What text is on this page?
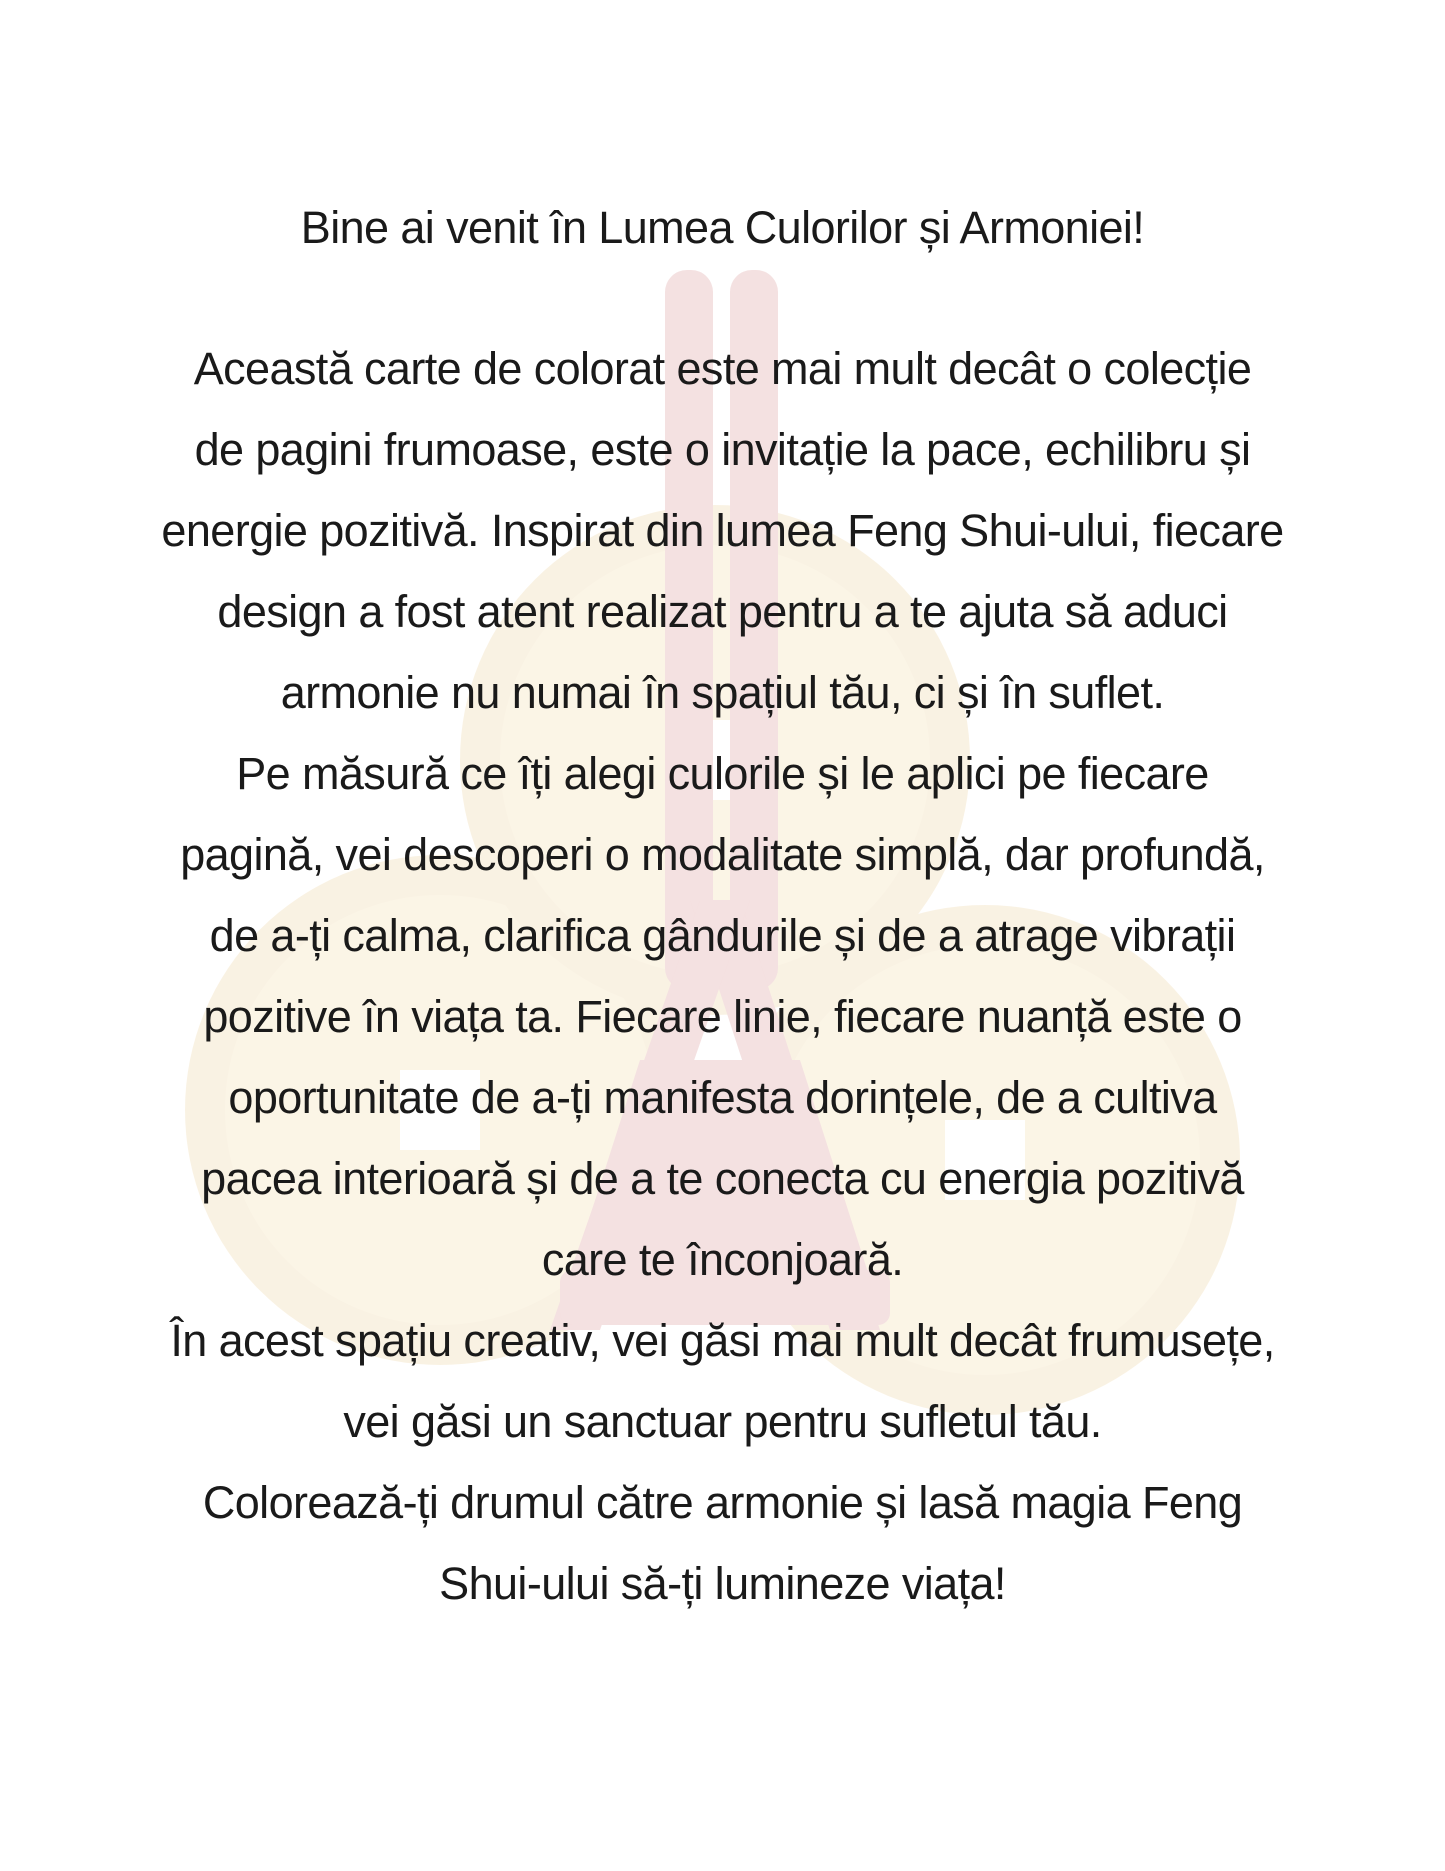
Bine ai venit în Lumea Culorilor și Armoniei!

Această carte de colorat este mai mult decât o colecție

de pagini frumoase, este o invitație la pace, echilibru și

energie pozitivă. Inspirat din lumea Feng Shui-ului, fiecare

design a fost atent realizat pentru a te ajuta să aduci

armonie nu numai în spațiul tău, ci și în suflet.

Pe măsură ce îți alegi culorile și le aplici pe fiecare

pagină, vei descoperi o modalitate simplă, dar profundă,

de a-ți calma, clarifica gândurile și de a atrage vibrații

pozitive în viața ta. Fiecare linie, fiecare nuanță este o

oportunitate de a-ți manifesta dorințele, de a cultiva

pacea interioară și de a te conecta cu energia pozitivă

care te înconjoară.

În acest spațiu creativ, vei găsi mai mult decât frumusețe,

vei găsi un sanctuar pentru sufletul tău.

Colorează-ți drumul către armonie și lasă magia Feng

Shui-ului să-ți lumineze viața!
